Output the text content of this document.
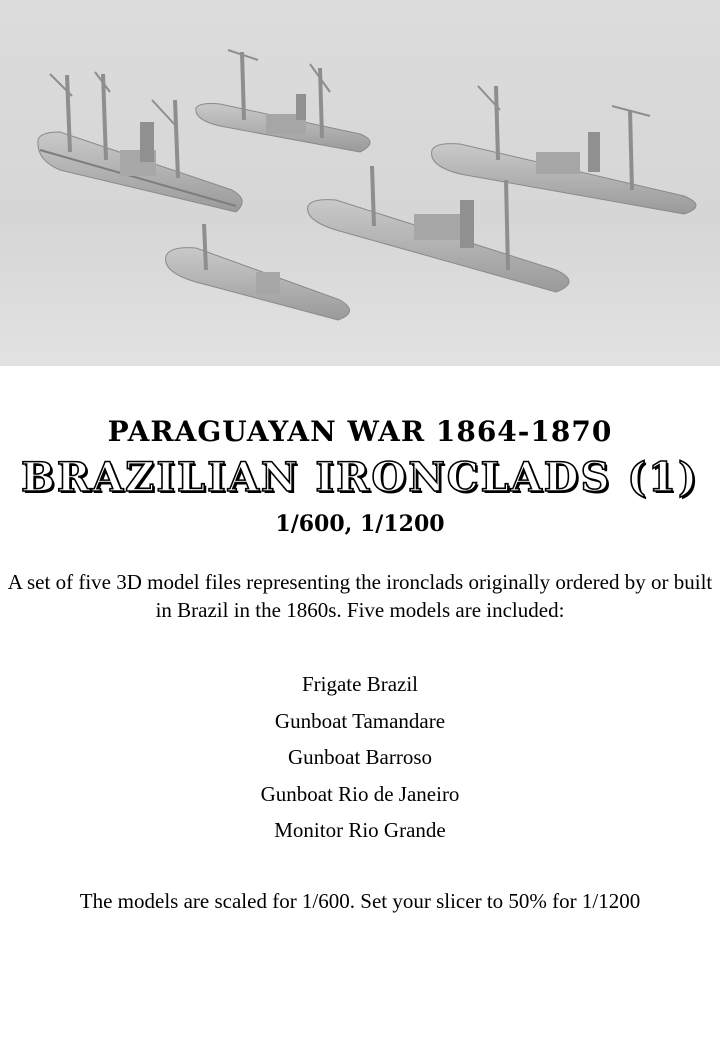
PARAGUAYAN WAR 1864-1870
BRAZILIAN IRONCLADS (1)
1/600, 1/1200
A set of five 3D model files representing the ironclads originally ordered by or built in Brazil in the 1860s. Five models are included:
Frigate Brazil
Gunboat Tamandare
Gunboat Barroso
Gunboat Rio de Janeiro
Monitor Rio Grande
The models are scaled for 1/600. Set your slicer to 50% for 1/1200
